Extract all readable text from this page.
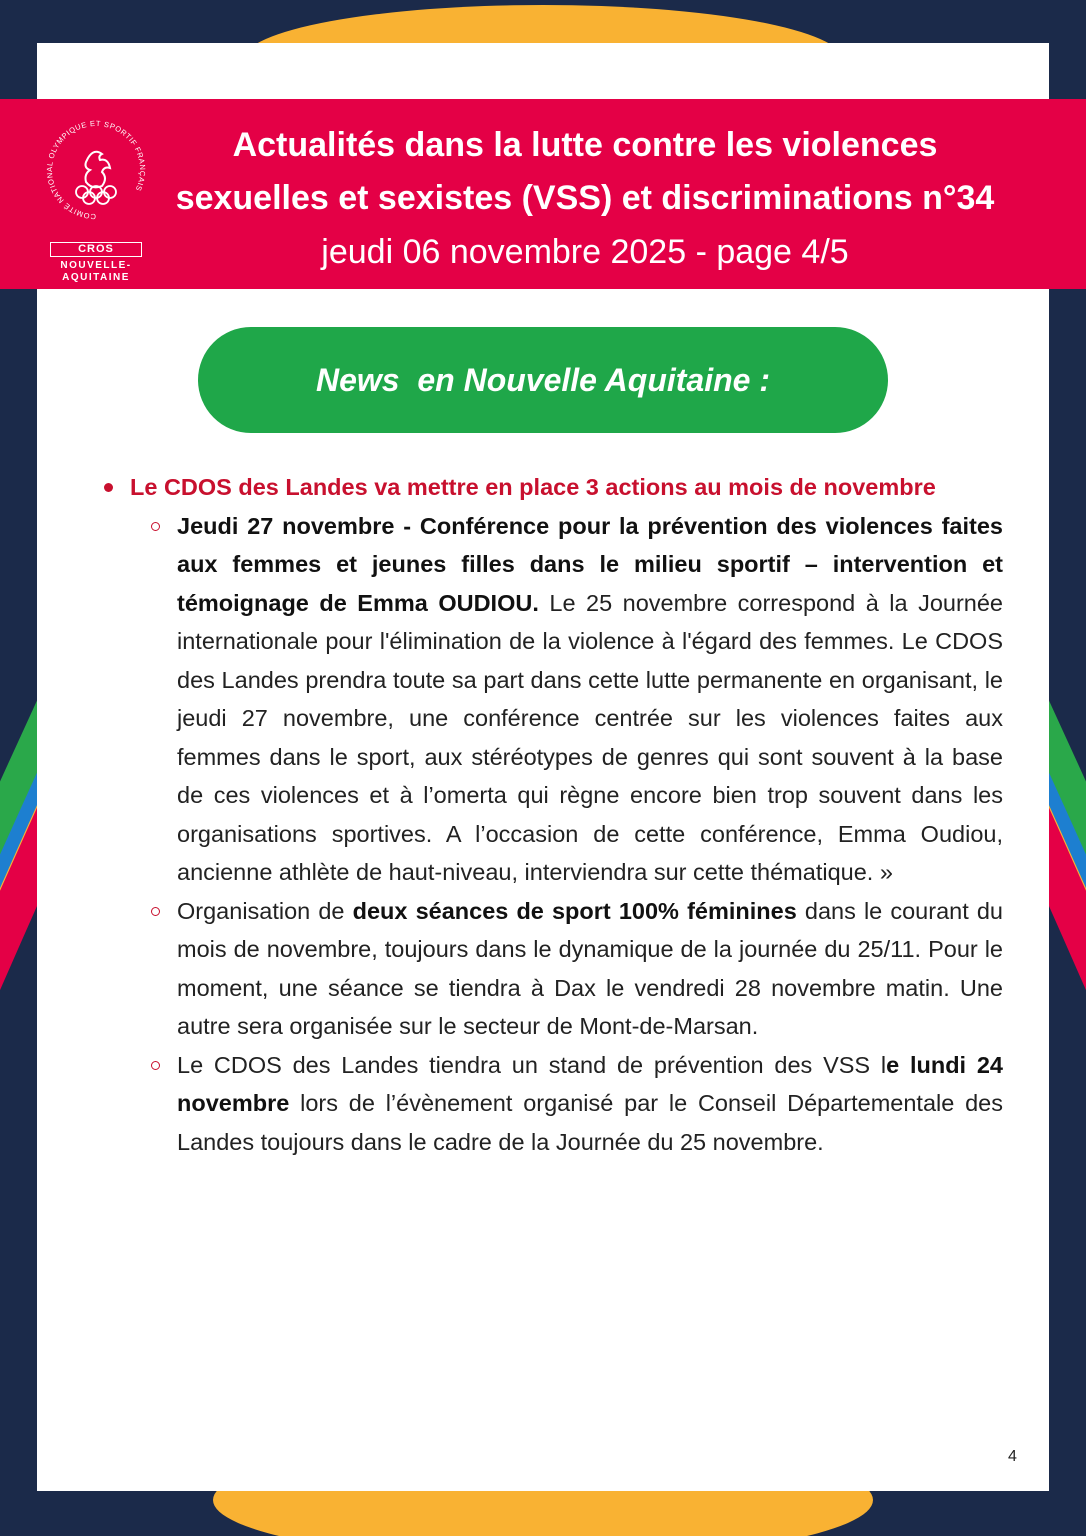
COMITÉ NATIONAL OLYMPIQUE ET SPORTIF FRANÇAIS
CROS
NOUVELLE-
AQUITAINE

Actualités dans la lutte contre les violences

sexuelles et sexistes (VSS) et discriminations n°34

jeudi 06 novembre 2025 - page 4/5

News  en Nouvelle Aquitaine :
Le CDOS des Landes va mettre en place 3 actions au mois de novembre
Jeudi 27 novembre - Conférence pour la prévention des violences faites aux femmes et jeunes filles dans le milieu sportif – intervention et témoignage de Emma OUDIOU. Le 25 novembre correspond à la Journée internationale pour l'élimination de la violence à l'égard des femmes. Le CDOS des Landes prendra toute sa part dans cette lutte permanente en organisant, le jeudi 27 novembre, une conférence centrée sur les violences faites aux femmes dans le sport, aux stéréotypes de genres qui sont souvent à la base de ces violences et à l’omerta qui règne encore bien trop souvent dans les organisations sportives. A l’occasion de cette conférence, Emma Oudiou, ancienne athlète de haut-niveau, interviendra sur cette thématique. »
Organisation de deux séances de sport 100% féminines dans le courant du mois de novembre, toujours dans le dynamique de la journée du 25/11. Pour le moment, une séance se tiendra à Dax le vendredi 28 novembre matin. Une autre sera organisée sur le secteur de Mont-de-Marsan.
Le CDOS des Landes tiendra un stand de prévention des VSS le lundi 24 novembre lors de l’évènement organisé par le Conseil Départementale des Landes toujours dans le cadre de la Journée du 25 novembre.
4
